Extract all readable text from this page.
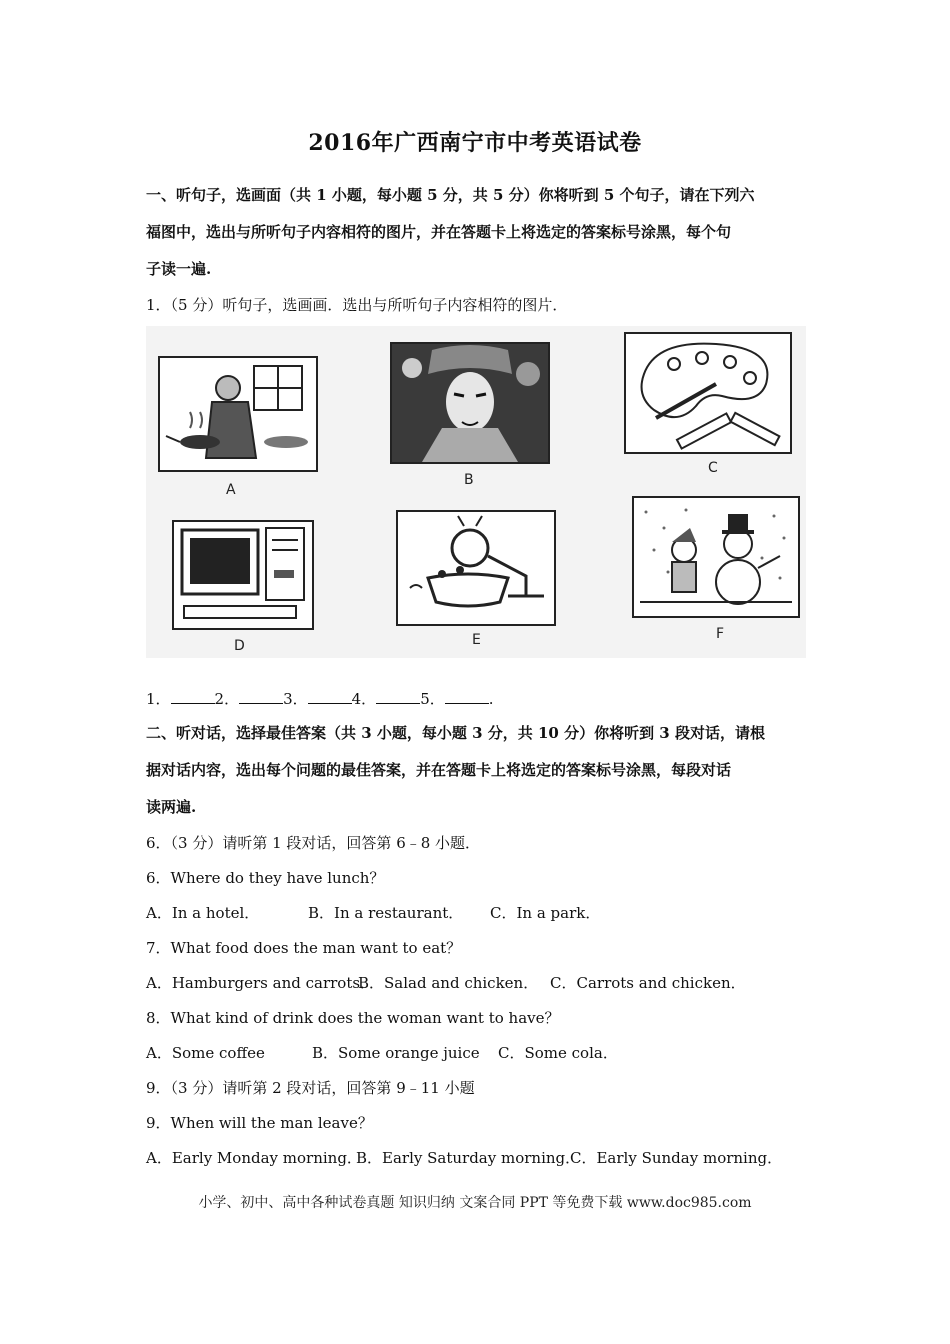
2016年广西南宁市中考英语试卷
一、听句子，选画面（共 1 小题，每小题 5 分，共 5 分）你将听到 5 个句子，请在下列六
福图中，选出与所听句子内容相符的图片，并在答题卡上将选定的答案标号涂黑，每个句
子读一遍.
1．（5 分）听句子，选画画．选出与所听句子内容相符的图片．
A
B
C
D	E	F
1．	2．	3．	4．	5．	.
二、听对话，选择最佳答案（共 3 小题，每小题 3 分，共 10 分）你将听到 3 段对话，请根
据对话内容，选出每个问题的最佳答案，并在答题卡上将选定的答案标号涂黑，每段对话
读两遍.
6．（3 分）请听第 1 段对话，回答第 6﹣8 小题．
6．Where do they have lunch？
A．In a hotel．	B．In a restaurant． C．In a park．
7．What food does the man want to eat？
A．Hamburgers and carrots．B．Salad and chicken． C．Carrots and chicken．
8．What kind of drink does the woman want to have？
A．Some coffee	B．Some orange juice C．Some cola．
9．（3 分）请听第 2 段对话，回答第 9﹣11 小题
9．When will the man leave？
A．Early Monday morning．B．Early Saturday morning．C．Early Sunday morning．
小学、初中、高中各种试卷真题 知识归纳 文案合同 PPT 等免费下载 www.doc985.com
